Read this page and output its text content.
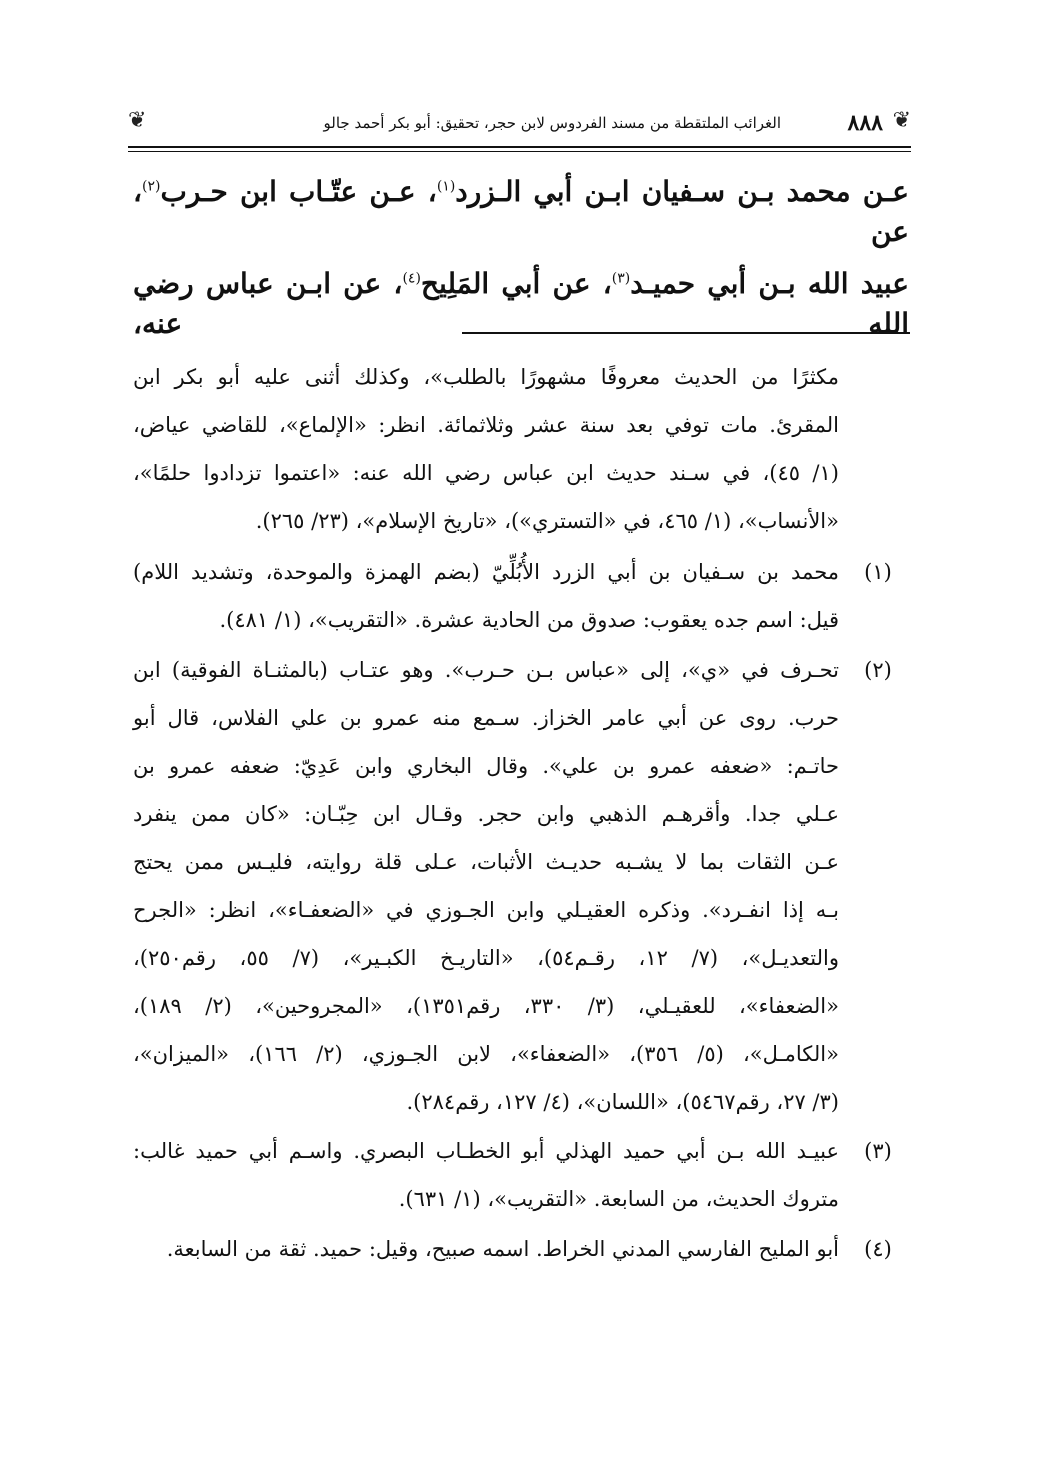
❦	الغرائب الملتقطة من مسند الفردوس لابن حجر، تحقيق: أبو بكر أحمد جالو	٨٨٨ ❦
عـن محمد بـن سـفيان ابـن أبي الـزرد$^{(١)}$، عـن عتّـاب ابن حـرب$^{(٢)}$، عن
عبيد الله بـن أبي حميـد$^{(٣)}$، عن أبي المَلِيح$^{(٤)}$، عن ابـن عباس رضي الله عنه،
مكثرًا من الحديث معروفًا مشهورًا بالطلب»، وكذلك أثنى عليه أبو بكر ابن
المقرئ. مات توفي بعد سنة عشر وثلاثمائة. انظر: «الإلماع»، للقاضي عياض،
(١/ ٤٥)، في سـند حديث ابن عباس رضي الله عنه: «اعتموا تزدادوا حلمًا»،
«الأنساب»، (١/ ٤٦٥، في «التستري»)، «تاريخ الإسلام»، (٢٣/ ٢٦٥).
(١)
محمد بن سـفيان بن أبي الزرد الأُبُلِّيّ (بضم الهمزة والموحدة، وتشديد اللام)
قيل: اسم جده يعقوب: صدوق من الحادية عشرة. «التقريب»، (١/ ٤٨١).
(٢)
تحـرف في «ي»، إلى «عباس بـن حـرب». وهو عتـاب (بالمثنـاة الفوقية) ابن
حرب. روى عن أبي عامر الخزاز. سـمع منه عمرو بن علي الفلاس، قال أبو
حاتـم: «ضعفه عمرو بن علي». وقال البخاري وابن عَدِيّ: ضعفه عمرو بن
عـلي جدا. وأقرهـم الذهبي وابن حجر. وقـال ابن حِبّـان: «كان ممن ينفرد
عـن الثقات بما لا يشـبه حديـث الأثبات، عـلى قلة روايته، فليـس ممن يحتج
بـه إذا انفـرد». وذكره العقيـلي وابن الجـوزي في «الضعفـاء»، انظر: «الجرح
والتعديـل»، (٧/ ١٢، رقـم٥٤)، «التاريـخ الكبـير»، (٧/ ٥٥، رقم٢٥٠)،
«الضعفاء»، للعقيـلي، (٣/ ٣٣٠، رقم١٣٥١)، «المجروحين»، (٢/ ١٨٩)،
«الكامـل»، (٥/ ٣٥٦)، «الضعفاء»، لابن الجـوزي، (٢/ ١٦٦)، «الميزان»،
(٣/ ٢٧، رقم٥٤٦٧)، «اللسان»، (٤/ ١٢٧، رقم٢٨٤).
(٣)
عبيـد الله بـن أبي حميد الهذلي أبو الخطـاب البصري. واسـم أبي حميد غالب:
متروك الحديث، من السابعة. «التقريب»، (١/ ٦٣١).
(٤)
أبو المليح الفارسي المدني الخراط. اسمه صبيح، وقيل: حميد. ثقة من السابعة.
